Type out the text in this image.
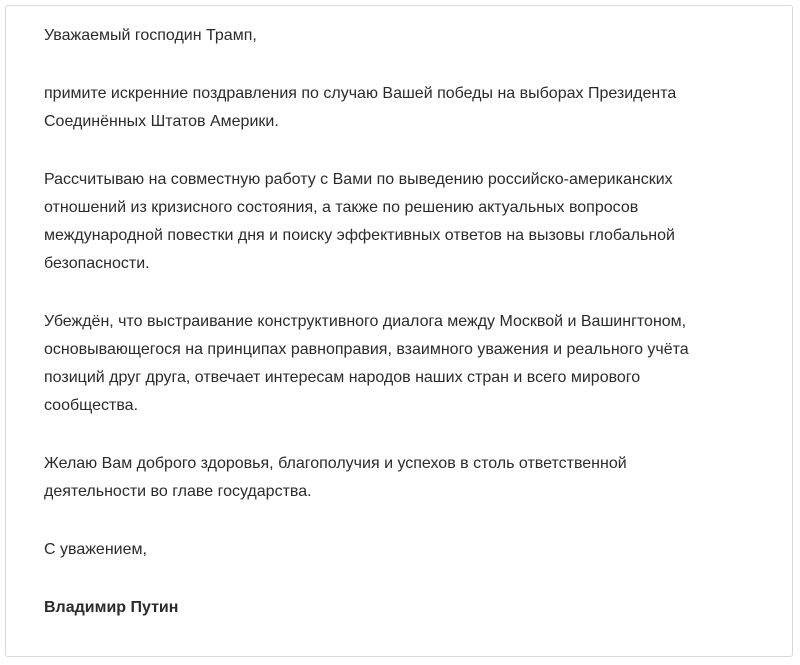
Уважаемый господин Трамп,

примите искренние поздравления по случаю Вашей победы на выборах Президента
Соединённых Штатов Америки.

Рассчитываю на совместную работу с Вами по выведению российско-американских
отношений из кризисного состояния, а также по решению актуальных вопросов
международной повестки дня и поиску эффективных ответов на вызовы глобальной
безопасности.

Убеждён, что выстраивание конструктивного диалога между Москвой и Вашингтоном,
основывающегося на принципах равноправия, взаимного уважения и реального учёта
позиций друг друга, отвечает интересам народов наших стран и всего мирового
сообщества.

Желаю Вам доброго здоровья, благополучия и успехов в столь ответственной
деятельности во главе государства.

С уважением,

Владимир Путин
